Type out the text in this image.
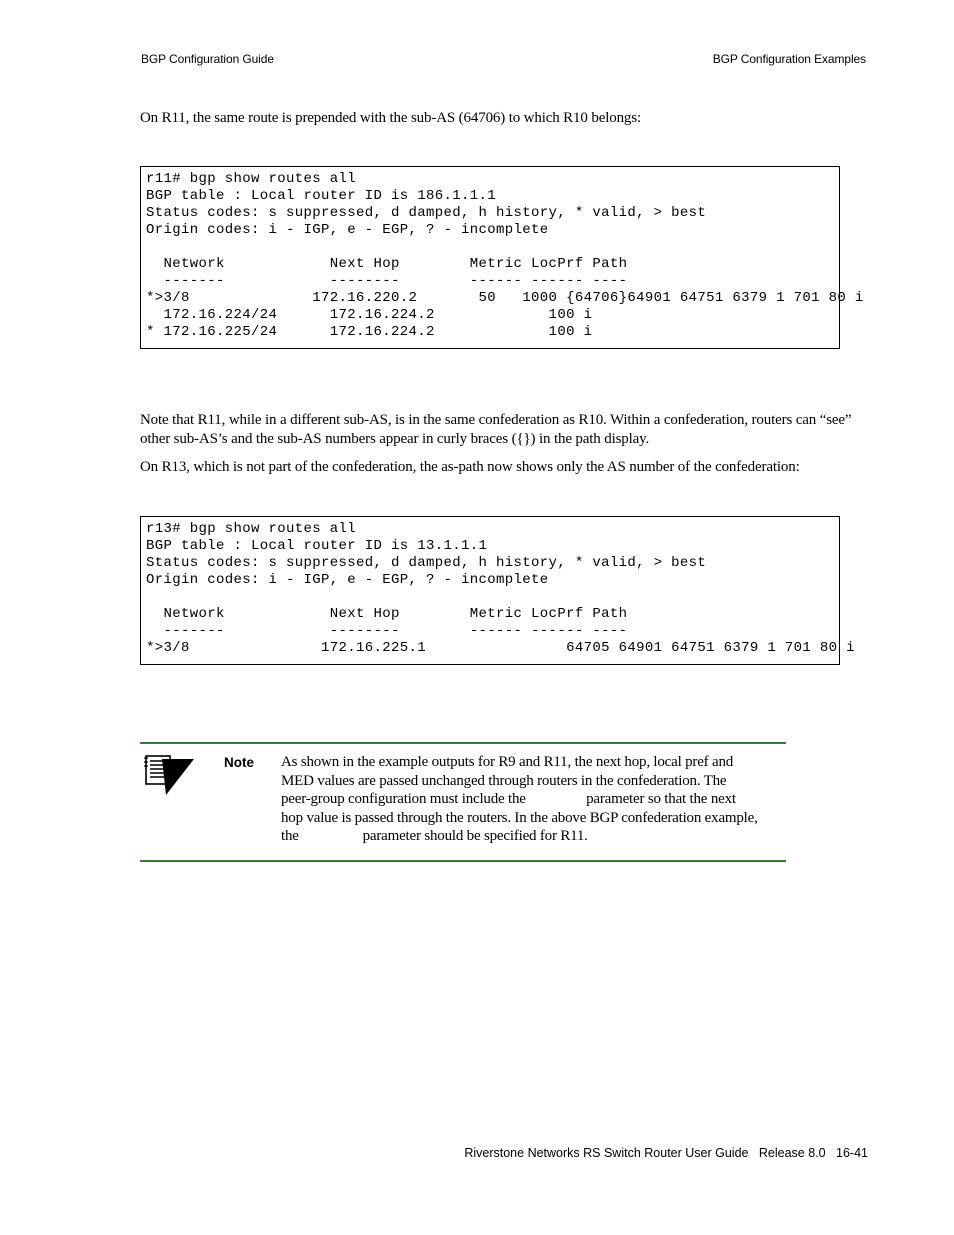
BGP Configuration Guide	BGP Configuration Examples

On R11, the same route is prepended with the sub-AS (64706) to which R10 belongs:

r11# bgp show routes all
BGP table : Local router ID is 186.1.1.1
Status codes: s suppressed, d damped, h history, * valid, > best
Origin codes: i - IGP, e - EGP, ? - incomplete

Network            Next Hop        Metric LocPrf Path
-------            --------        ------ ------ ----
*>3/8              172.16.220.2       50   1000 {64706}64901 64751 6379 1 701 80 i
172.16.224/24      172.16.224.2             100 i
* 172.16.225/24      172.16.224.2             100 i

Note that R11, while in a different sub-AS, is in the same confederation as R10. Within a confederation, routers can “see” other sub-AS’s and the sub-AS numbers appear in curly braces ({}) in the path display.

On R13, which is not part of the confederation, the as-path now shows only the AS number of the confederation:

r13# bgp show routes all
BGP table : Local router ID is 13.1.1.1
Status codes: s suppressed, d damped, h history, * valid, > best
Origin codes: i - IGP, e - EGP, ? - incomplete

Network            Next Hop        Metric LocPrf Path
-------            --------        ------ ------ ----
*>3/8               172.16.225.1                64705 64901 64751 6379 1 701 80 i
Note As shown in the example outputs for R9 and R11, the next hop, local pref and
MED values are passed unchanged through routers in the confederation. The
peer-group configuration must include the                 parameter so that the next
hop value is passed through the routers. In the above BGP confederation example,
the                  parameter should be specified for R11.
Riverstone Networks RS Switch Router User Guide   Release 8.0   16-41
